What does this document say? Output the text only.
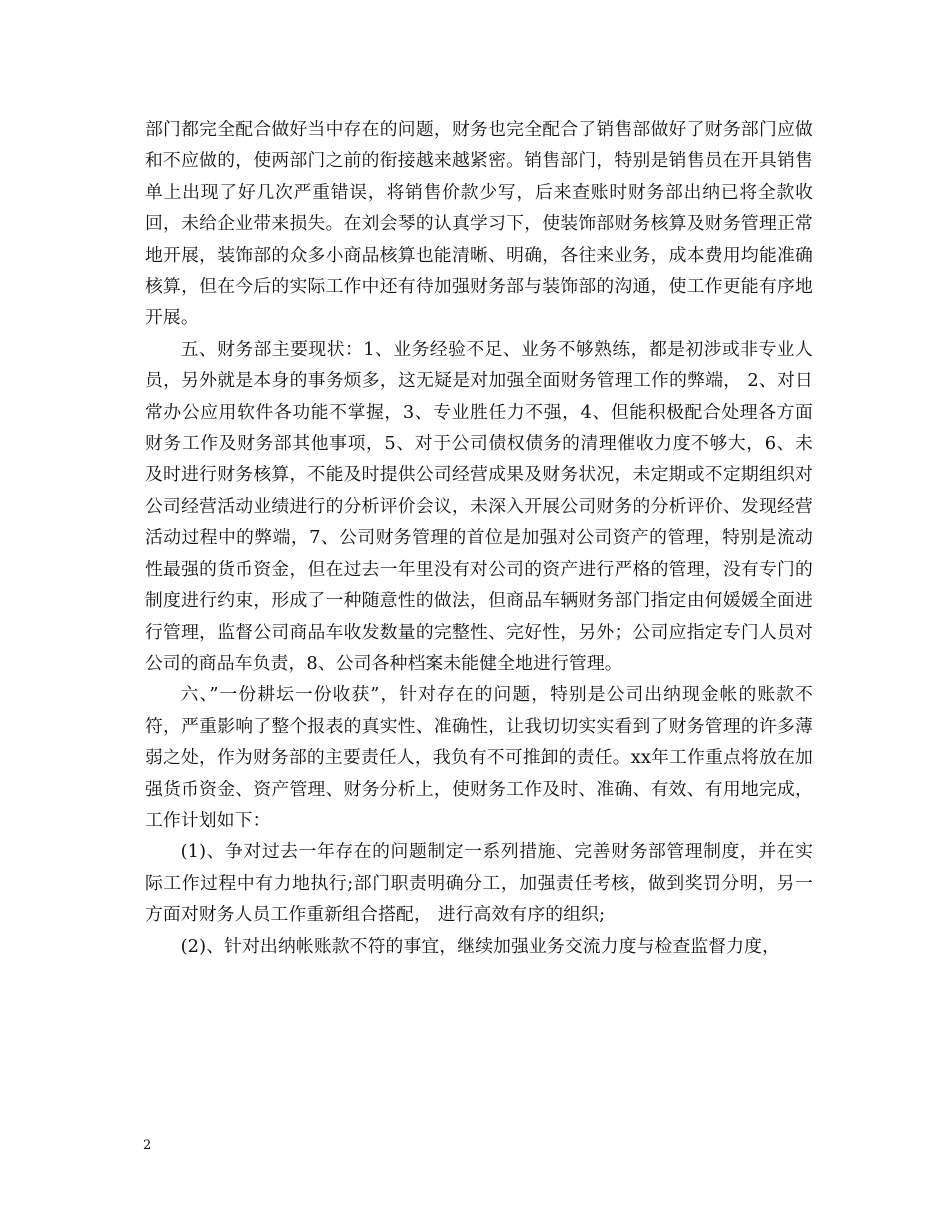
部门都完全配合做好当中存在的问题，财务也完全配合了销售部做好了财务部门应做和不应做的，使两部门之前的衔接越来越紧密。销售部门，特别是销售员在开具销售单上出现了好几次严重错误，将销售价款少写，后来查账时财务部出纳已将全款收回，未给企业带来损失。在刘会琴的认真学习下，使装饰部财务核算及财务管理正常地开展，装饰部的众多小商品核算也能清晰、明确，各往来业务，成本费用均能准确核算，但在今后的实际工作中还有待加强财务部与装饰部的沟通，使工作更能有序地开展。

五、财务部主要现状：1、业务经验不足、业务不够熟练，都是初涉或非专业人员，另外就是本身的事务烦多，这无疑是对加强全面财务管理工作的弊端， 2、对日常办公应用软件各功能不掌握，3、专业胜任力不强，4、但能积极配合处理各方面财务工作及财务部其他事项，5、对于公司债权债务的清理催收力度不够大，6、未及时进行财务核算，不能及时提供公司经营成果及财务状况，未定期或不定期组织对公司经营活动业绩进行的分析评价会议，未深入开展公司财务的分析评价、发现经营活动过程中的弊端，7、公司财务管理的首位是加强对公司资产的管理，特别是流动性最强的货币资金，但在过去一年里没有对公司的资产进行严格的管理，没有专门的制度进行约束，形成了一种随意性的做法，但商品车辆财务部门指定由何媛媛全面进行管理，监督公司商品车收发数量的完整性、完好性，另外；公司应指定专门人员对公司的商品车负责，8、公司各种档案未能健全地进行管理。

六、”一份耕坛一份收获”，针对存在的问题，特别是公司出纳现金帐的账款不符，严重影响了整个报表的真实性、准确性，让我切切实实看到了财务管理的许多薄弱之处，作为财务部的主要责任人，我负有不可推卸的责任。xx年工作重点将放在加强货币资金、资产管理、财务分析上，使财务工作及时、准确、有效、有用地完成，工作计划如下：

(1)、争对过去一年存在的问题制定一系列措施、完善财务部管理制度，并在实际工作过程中有力地执行;部门职责明确分工，加强责任考核，做到奖罚分明，另一方面对财务人员工作重新组合搭配， 进行高效有序的组织;

(2)、针对出纳帐账款不符的事宜，继续加强业务交流力度与检查监督力度，

2
